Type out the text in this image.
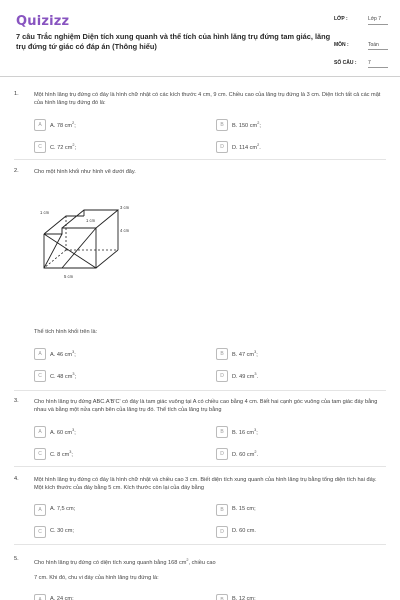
Quizizz
7 câu Trắc nghiệm Diện tích xung quanh và thể tích của hình lăng trụ đứng tam giác, lăng trụ đứng tứ giác có đáp án (Thông hiểu)
LỚP :	Lớp 7
MÔN :	Toán
SỐ CÂU : 7
1.	Một hình lăng trụ đứng có đáy là hình chữ nhật có các kích thước 4 cm, 9 cm. Chiều cao của lăng trụ đứng là 3 cm. Diện tích tất cả các mặt của hình lăng trụ đứng đó là:
A	A. 78 $cm^2$;	B	B. 150 $cm^2$;
C	C. 72 $cm^2$;	D	D. 114 $cm^2$.
2.	Cho một hình khối như hình vẽ dưới đây.
3 cm
1 cm
1 cm
4 cm
5 cm
Thể tích hình khối trên là:
A	A. 46 $cm^3$;	B	B. 47 $cm^3$;
C	C. 48 $cm^3$;	D	D. 49 $cm^3$.
3.	Cho hình lăng trụ đứng ABC.A'B'C' có đáy là tam giác vuông tại A có chiều cao bằng 4 cm. Biết hai cạnh góc vuông của tam giác đáy bằng nhau và bằng một nửa cạnh bên của lăng trụ đó. Thể tích của lăng trụ bằng
A	A. 60 $cm^3$;	B	B. 16 $cm^3$;
C	C. 8 $cm^3$;	D	D. 60 $cm^2$.
4.	Một hình lăng trụ đứng có đáy là hình chữ nhật và chiều cao 3 cm. Biết diện tích xung quanh của hình lăng trụ bằng tổng diện tích hai đáy. Một kích thước của đáy bằng 5 cm. Kích thước còn lại của đáy bằng
A	A. 7,5 cm;	B	B. 15 cm;
C	C. 30 cm;	D	D. 60 cm.
5.
Cho hình lăng trụ đứng có diện tích xung quanh bằng 168 $cm^2$, chiều cao
7 cm. Khi đó, chu vi đáy của hình lăng trụ đứng là:
A	A. 24 cm;	B	B. 12 cm;
